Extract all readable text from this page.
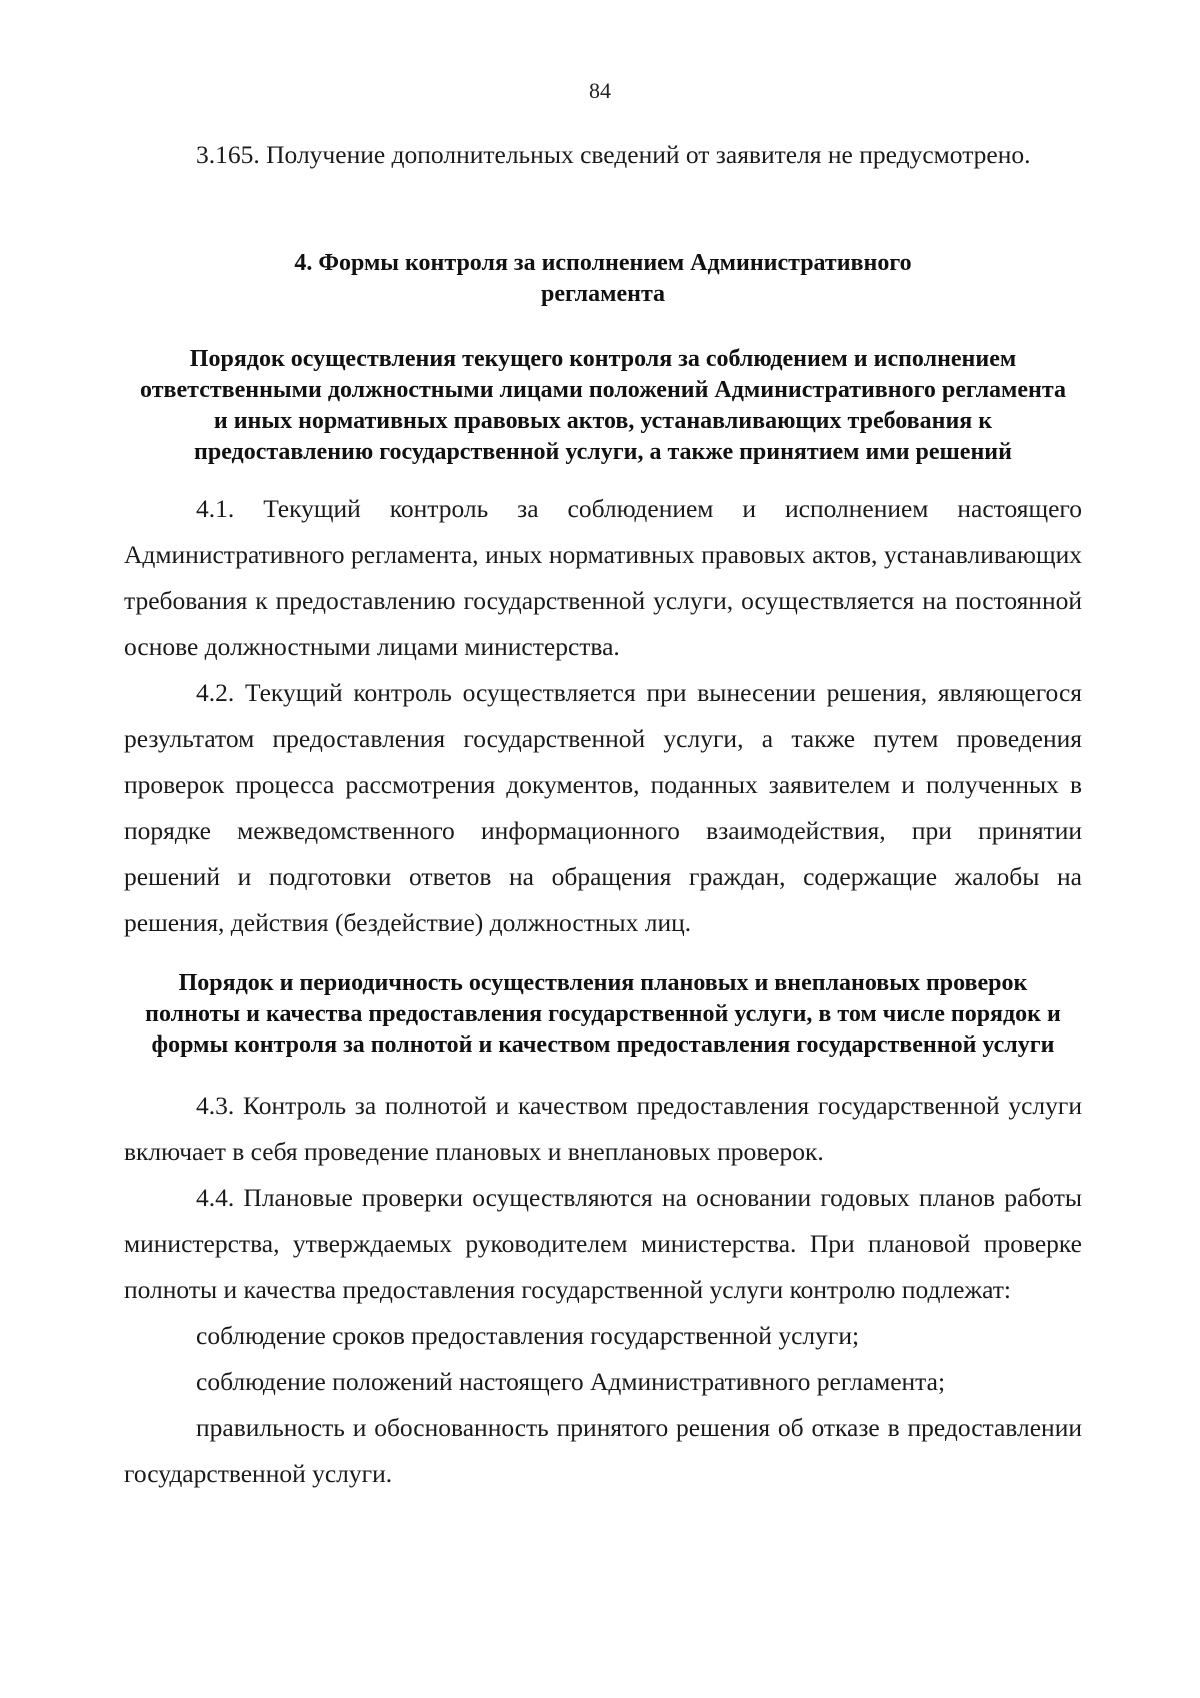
84

3.165. Получение дополнительных сведений от заявителя не предусмотрено.

4. Формы контроля за исполнением Административного
регламента
Порядок осуществления текущего контроля за соблюдением и исполнением ответственными должностными лицами положений Административного регламента и иных нормативных правовых актов, устанавливающих требования к предоставлению государственной услуги, а также принятием ими решений

4.1. Текущий контроль за соблюдением и исполнением настоящего Административного регламента, иных нормативных правовых актов, устанавливающих требования к предоставлению государственной услуги, осуществляется на постоянной основе должностными лицами министерства.

4.2. Текущий контроль осуществляется при вынесении решения, являющегося результатом предоставления государственной услуги, а также путем проведения проверок процесса рассмотрения документов, поданных заявителем и полученных в порядке межведомственного информационного взаимодействия, при принятии решений и подготовки ответов на обращения граждан, содержащие жалобы на решения, действия (бездействие) должностных лиц.

Порядок и периодичность осуществления плановых и внеплановых проверок полноты и качества предоставления государственной услуги, в том числе порядок и формы контроля за полнотой и качеством предоставления государственной услуги

4.3. Контроль за полнотой и качеством предоставления государственной услуги включает в себя проведение плановых и внеплановых проверок.

4.4. Плановые проверки осуществляются на основании годовых планов работы министерства, утверждаемых руководителем министерства. При плановой проверке полноты и качества предоставления государственной услуги контролю подлежат:

соблюдение сроков предоставления государственной услуги;

соблюдение положений настоящего Административного регламента;

правильность и обоснованность принятого решения об отказе в предоставлении государственной услуги.
